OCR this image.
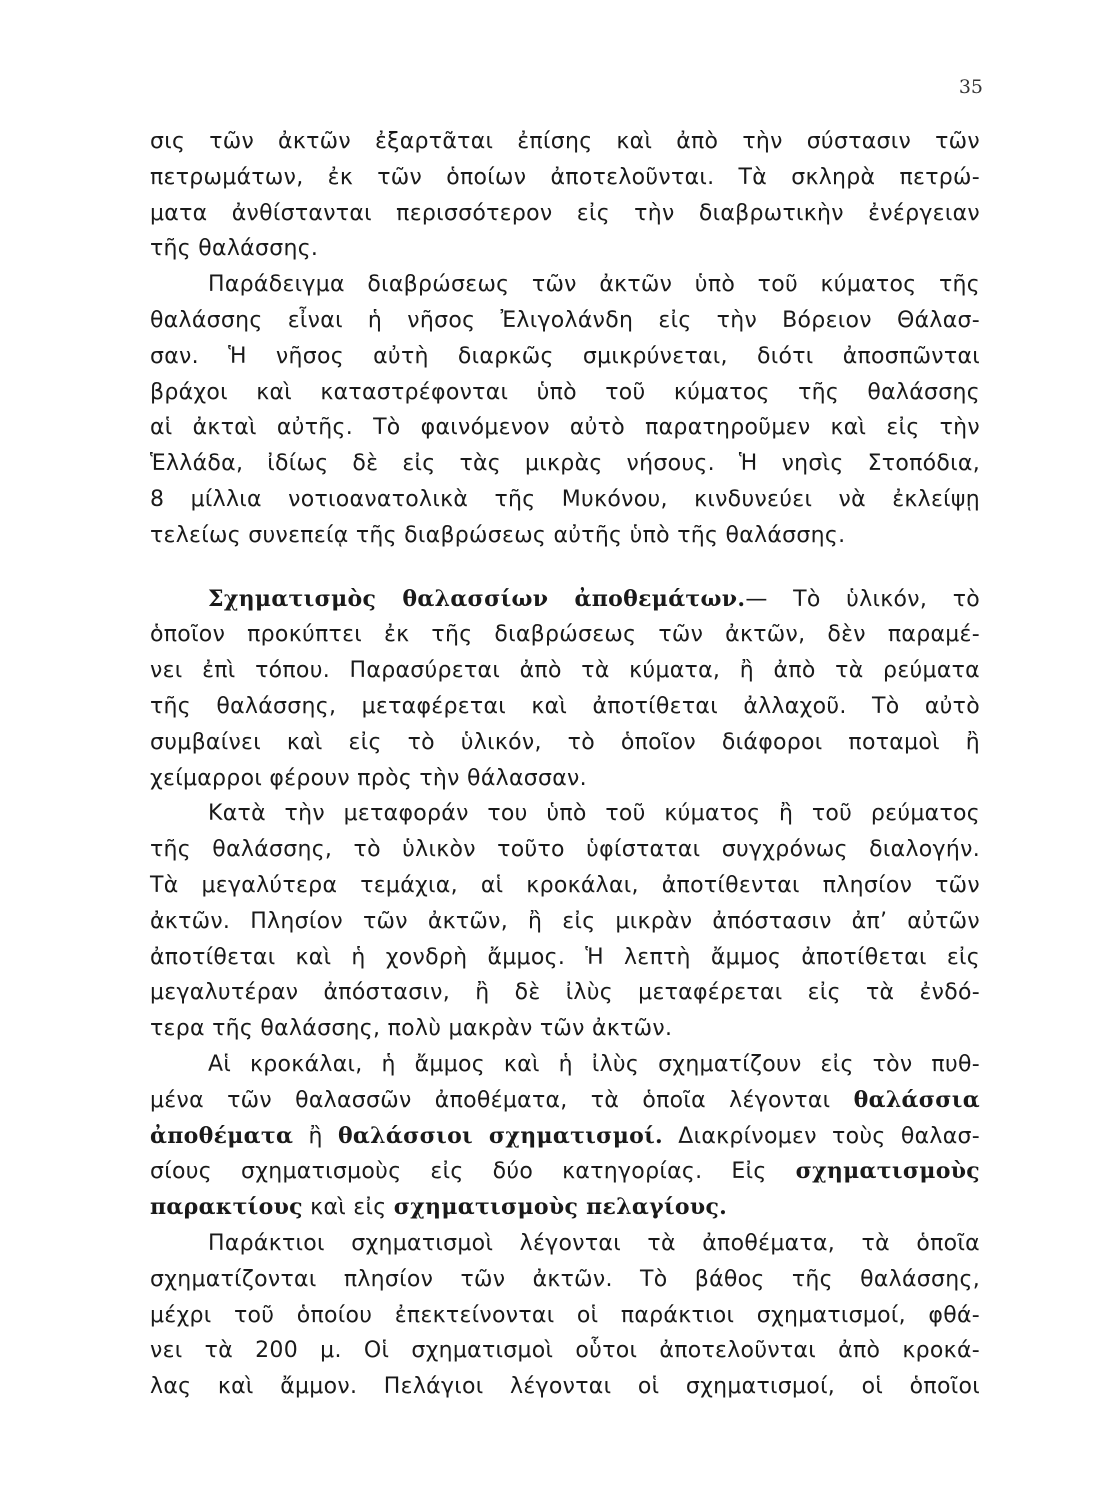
35
σις τῶν ἀκτῶν ἐξαρτᾶται ἐπίσης καὶ ἀπὸ τὴν σύστασιν τῶν
πετρωμάτων, ἐκ τῶν ὁποίων ἀποτελοῦνται. Τὰ σκληρὰ πετρώ-
ματα ἀνθίστανται περισσότερον εἰς τὴν διαβρωτικὴν ἐνέργειαν
τῆς θαλάσσης.
Παράδειγμα διαβρώσεως τῶν ἀκτῶν ὑπὸ τοῦ κύματος τῆς
θαλάσσης εἶναι ἡ νῆσος Ἐλιγολάνδη εἰς τὴν Βόρειον Θάλασ-
σαν. Ἡ νῆσος αὐτὴ διαρκῶς σμικρύνεται, διότι ἀποσπῶνται
βράχοι καὶ καταστρέφονται ὑπὸ τοῦ κύματος τῆς θαλάσσης
αἱ ἀκταὶ αὐτῆς. Τὸ φαινόμενον αὐτὸ παρατηροῦμεν καὶ εἰς τὴν
Ἑλλάδα, ἰδίως δὲ εἰς τὰς μικρὰς νήσους. Ἡ νησὶς Στοπόδια,
8 μίλλια νοτιοανατολικὰ τῆς Μυκόνου, κινδυνεύει νὰ ἐκλείψῃ
τελείως συνεπείᾳ τῆς διαβρώσεως αὐτῆς ὑπὸ τῆς θαλάσσης.
Σχηματισμὸς θαλασσίων ἀποθεμάτων.— Τὸ ὑλικόν, τὸ
ὁποῖον προκύπτει ἐκ τῆς διαβρώσεως τῶν ἀκτῶν, δὲν παραμέ-
νει ἐπὶ τόπου. Παρασύρεται ἀπὸ τὰ κύματα, ἢ ἀπὸ τὰ ρεύματα
τῆς θαλάσσης, μεταφέρεται καὶ ἀποτίθεται ἀλλαχοῦ. Τὸ αὐτὸ
συμβαίνει καὶ εἰς τὸ ὑλικόν, τὸ ὁποῖον διάφοροι ποταμοὶ ἢ
χείμαρροι φέρουν πρὸς τὴν θάλασσαν.
Κατὰ τὴν μεταφοράν του ὑπὸ τοῦ κύματος ἢ τοῦ ρεύματος
τῆς θαλάσσης, τὸ ὑλικὸν τοῦτο ὑφίσταται συγχρόνως διαλογήν.
Τὰ μεγαλύτερα τεμάχια, αἱ κροκάλαι, ἀποτίθενται πλησίον τῶν
ἀκτῶν. Πλησίον τῶν ἀκτῶν, ἢ εἰς μικρὰν ἀπόστασιν ἀπ’ αὐτῶν
ἀποτίθεται καὶ ἡ χονδρὴ ἄμμος. Ἡ λεπτὴ ἄμμος ἀποτίθεται εἰς
μεγαλυτέραν ἀπόστασιν, ἢ δὲ ἰλὺς μεταφέρεται εἰς τὰ ἐνδό-
τερα τῆς θαλάσσης, πολὺ μακρὰν τῶν ἀκτῶν.
Αἱ κροκάλαι, ἡ ἄμμος καὶ ἡ ἰλὺς σχηματίζουν εἰς τὸν πυθ-
μένα τῶν θαλασσῶν ἀποθέματα, τὰ ὁποῖα λέγονται θαλάσσια
ἀποθέματα ἢ θαλάσσιοι σχηματισμοί. Διακρίνομεν τοὺς θαλασ-
σίους σχηματισμοὺς εἰς δύο κατηγορίας. Εἰς σχηματισμοὺς
παρακτίους καὶ εἰς σχηματισμοὺς πελαγίους.
Παράκτιοι σχηματισμοὶ λέγονται τὰ ἀποθέματα, τὰ ὁποῖα
σχηματίζονται πλησίον τῶν ἀκτῶν. Τὸ βάθος τῆς θαλάσσης,
μέχρι τοῦ ὁποίου ἐπεκτείνονται οἱ παράκτιοι σχηματισμοί, φθά-
νει τὰ 200 μ. Οἱ σχηματισμοὶ οὗτοι ἀποτελοῦνται ἀπὸ κροκά-
λας καὶ ἄμμον. Πελάγιοι λέγονται οἱ σχηματισμοί, οἱ ὁποῖοι
